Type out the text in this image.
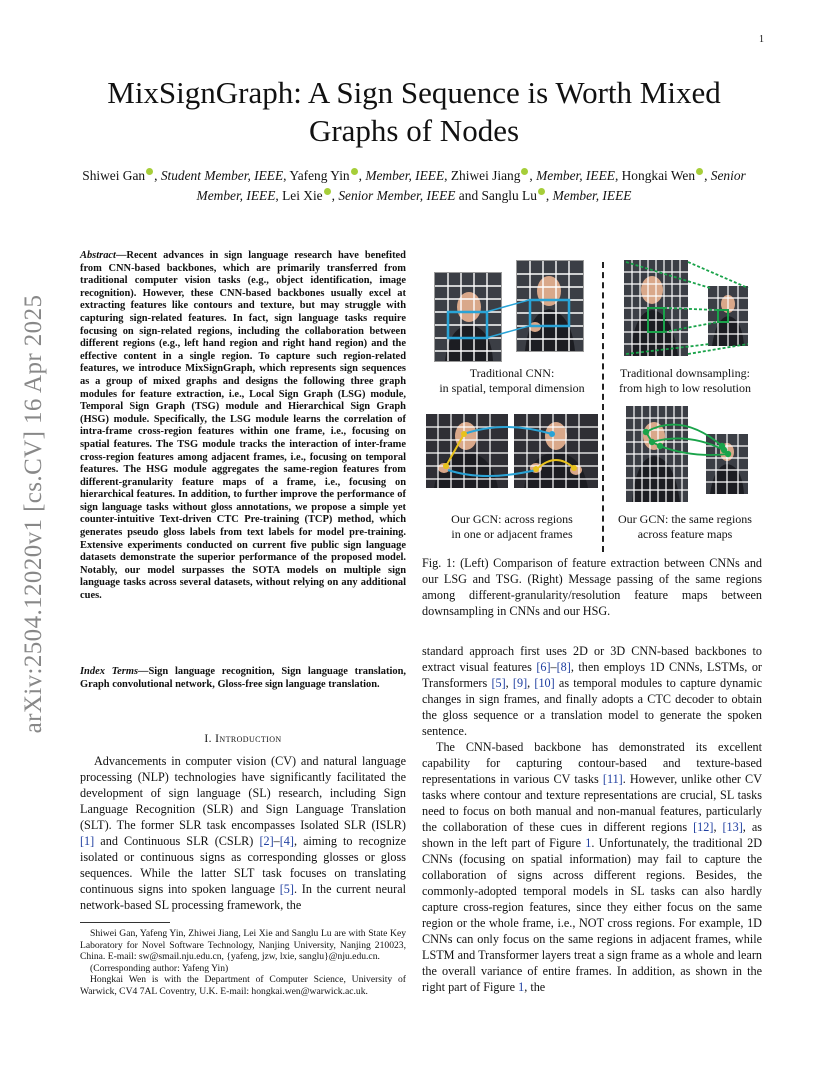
1
arXiv:2504.12020v1 [cs.CV] 16 Apr 2025
MixSignGraph: A Sign Sequence is Worth Mixed Graphs of Nodes
Shiwei Gan , Student Member, IEEE, Yafeng Yin , Member, IEEE, Zhiwei Jiang , Member, IEEE, Hongkai Wen , Senior Member, IEEE, Lei Xie , Senior Member, IEEE and Sanglu Lu , Member, IEEE
Abstract—Recent advances in sign language research have benefited from CNN-based backbones, which are primarily transferred from traditional computer vision tasks (e.g., object identification, image recognition). However, these CNN-based backbones usually excel at extracting features like contours and texture, but may struggle with capturing sign-related features. In fact, sign language tasks require focusing on sign-related regions, including the collaboration between different regions (e.g., left hand region and right hand region) and the effective content in a single region. To capture such region-related features, we introduce MixSignGraph, which represents sign sequences as a group of mixed graphs and designs the following three graph modules for feature extraction, i.e., Local Sign Graph (LSG) module, Temporal Sign Graph (TSG) module and Hierarchical Sign Graph (HSG) module. Specifically, the LSG module learns the correlation of intra-frame cross-region features within one frame, i.e., focusing on spatial features. The TSG module tracks the interaction of inter-frame cross-region features among adjacent frames, i.e., focusing on temporal features. The HSG module aggregates the same-region features from different-granularity feature maps of a frame, i.e., focusing on hierarchical features. In addition, to further improve the performance of sign language tasks without gloss annotations, we propose a simple yet counter-intuitive Text-driven CTC Pre-training (TCP) method, which generates pseudo gloss labels from text labels for model pre-training. Extensive experiments conducted on current five public sign language datasets demonstrate the superior performance of the proposed model. Notably, our model surpasses the SOTA models on multiple sign language tasks across several datasets, without relying on any additional cues.
Index Terms—Sign language recognition, Sign language translation, Graph convolutional network, Gloss-free sign language translation.
I. Introduction
Advancements in computer vision (CV) and natural language processing (NLP) technologies have significantly facilitated the development of sign language (SL) research, including Sign Language Recognition (SLR) and Sign Language Translation (SLT). The former SLR task encompasses Isolated SLR (ISLR) [1] and Continuous SLR (CSLR) [2]–[4], aiming to recognize isolated or continuous signs as corresponding glosses or gloss sequences. While the latter SLT task focuses on translating continuous signs into spoken language [5]. In the current neural network-based SL processing framework, the

Shiwei Gan, Yafeng Yin, Zhiwei Jiang, Lei Xie and Sanglu Lu are with State Key Laboratory for Novel Software Technology, Nanjing University, Nanjing 210023, China. E-mail: sw@smail.nju.edu.cn, {yafeng, jzw, lxie, sanglu}@nju.edu.cn.

(Corresponding author: Yafeng Yin)

Hongkai Wen is with the Department of Computer Science, University of Warwick, CV4 7AL Coventry, U.K. E-mail: hongkai.wen@warwick.ac.uk.

Traditional CNN:
in spatial, temporal dimension
Traditional downsampling:
from high to low resolution
Our GCN: across regions
in one or adjacent frames
Our GCN: the same regions
across feature maps
Fig. 1: (Left) Comparison of feature extraction between CNNs and our LSG and TSG. (Right) Message passing of the same regions among different-granularity/resolution feature maps between downsampling in CNNs and our HSG.

standard approach first uses 2D or 3D CNN-based backbones to extract visual features [6]–[8], then employs 1D CNNs, LSTMs, or Transformers [5], [9], [10] as temporal modules to capture dynamic changes in sign frames, and finally adopts a CTC decoder to obtain the gloss sequence or a translation model to generate the spoken sentence.

The CNN-based backbone has demonstrated its excellent capability for capturing contour-based and texture-based representations in various CV tasks [11]. However, unlike other CV tasks where contour and texture representations are crucial, SL tasks need to focus on both manual and non-manual features, particularly the collaboration of these cues in different regions [12], [13], as shown in the left part of Figure 1. Unfortunately, the traditional 2D CNNs (focusing on spatial information) may fail to capture the collaboration of signs across different regions. Besides, the commonly-adopted temporal models in SL tasks can also hardly capture cross-region features, since they either focus on the same region or the whole frame, i.e., NOT cross regions. For example, 1D CNNs can only focus on the same regions in adjacent frames, while LSTM and Transformer layers treat a sign frame as a whole and learn the overall variance of entire frames. In addition, as shown in the right part of Figure 1, the
